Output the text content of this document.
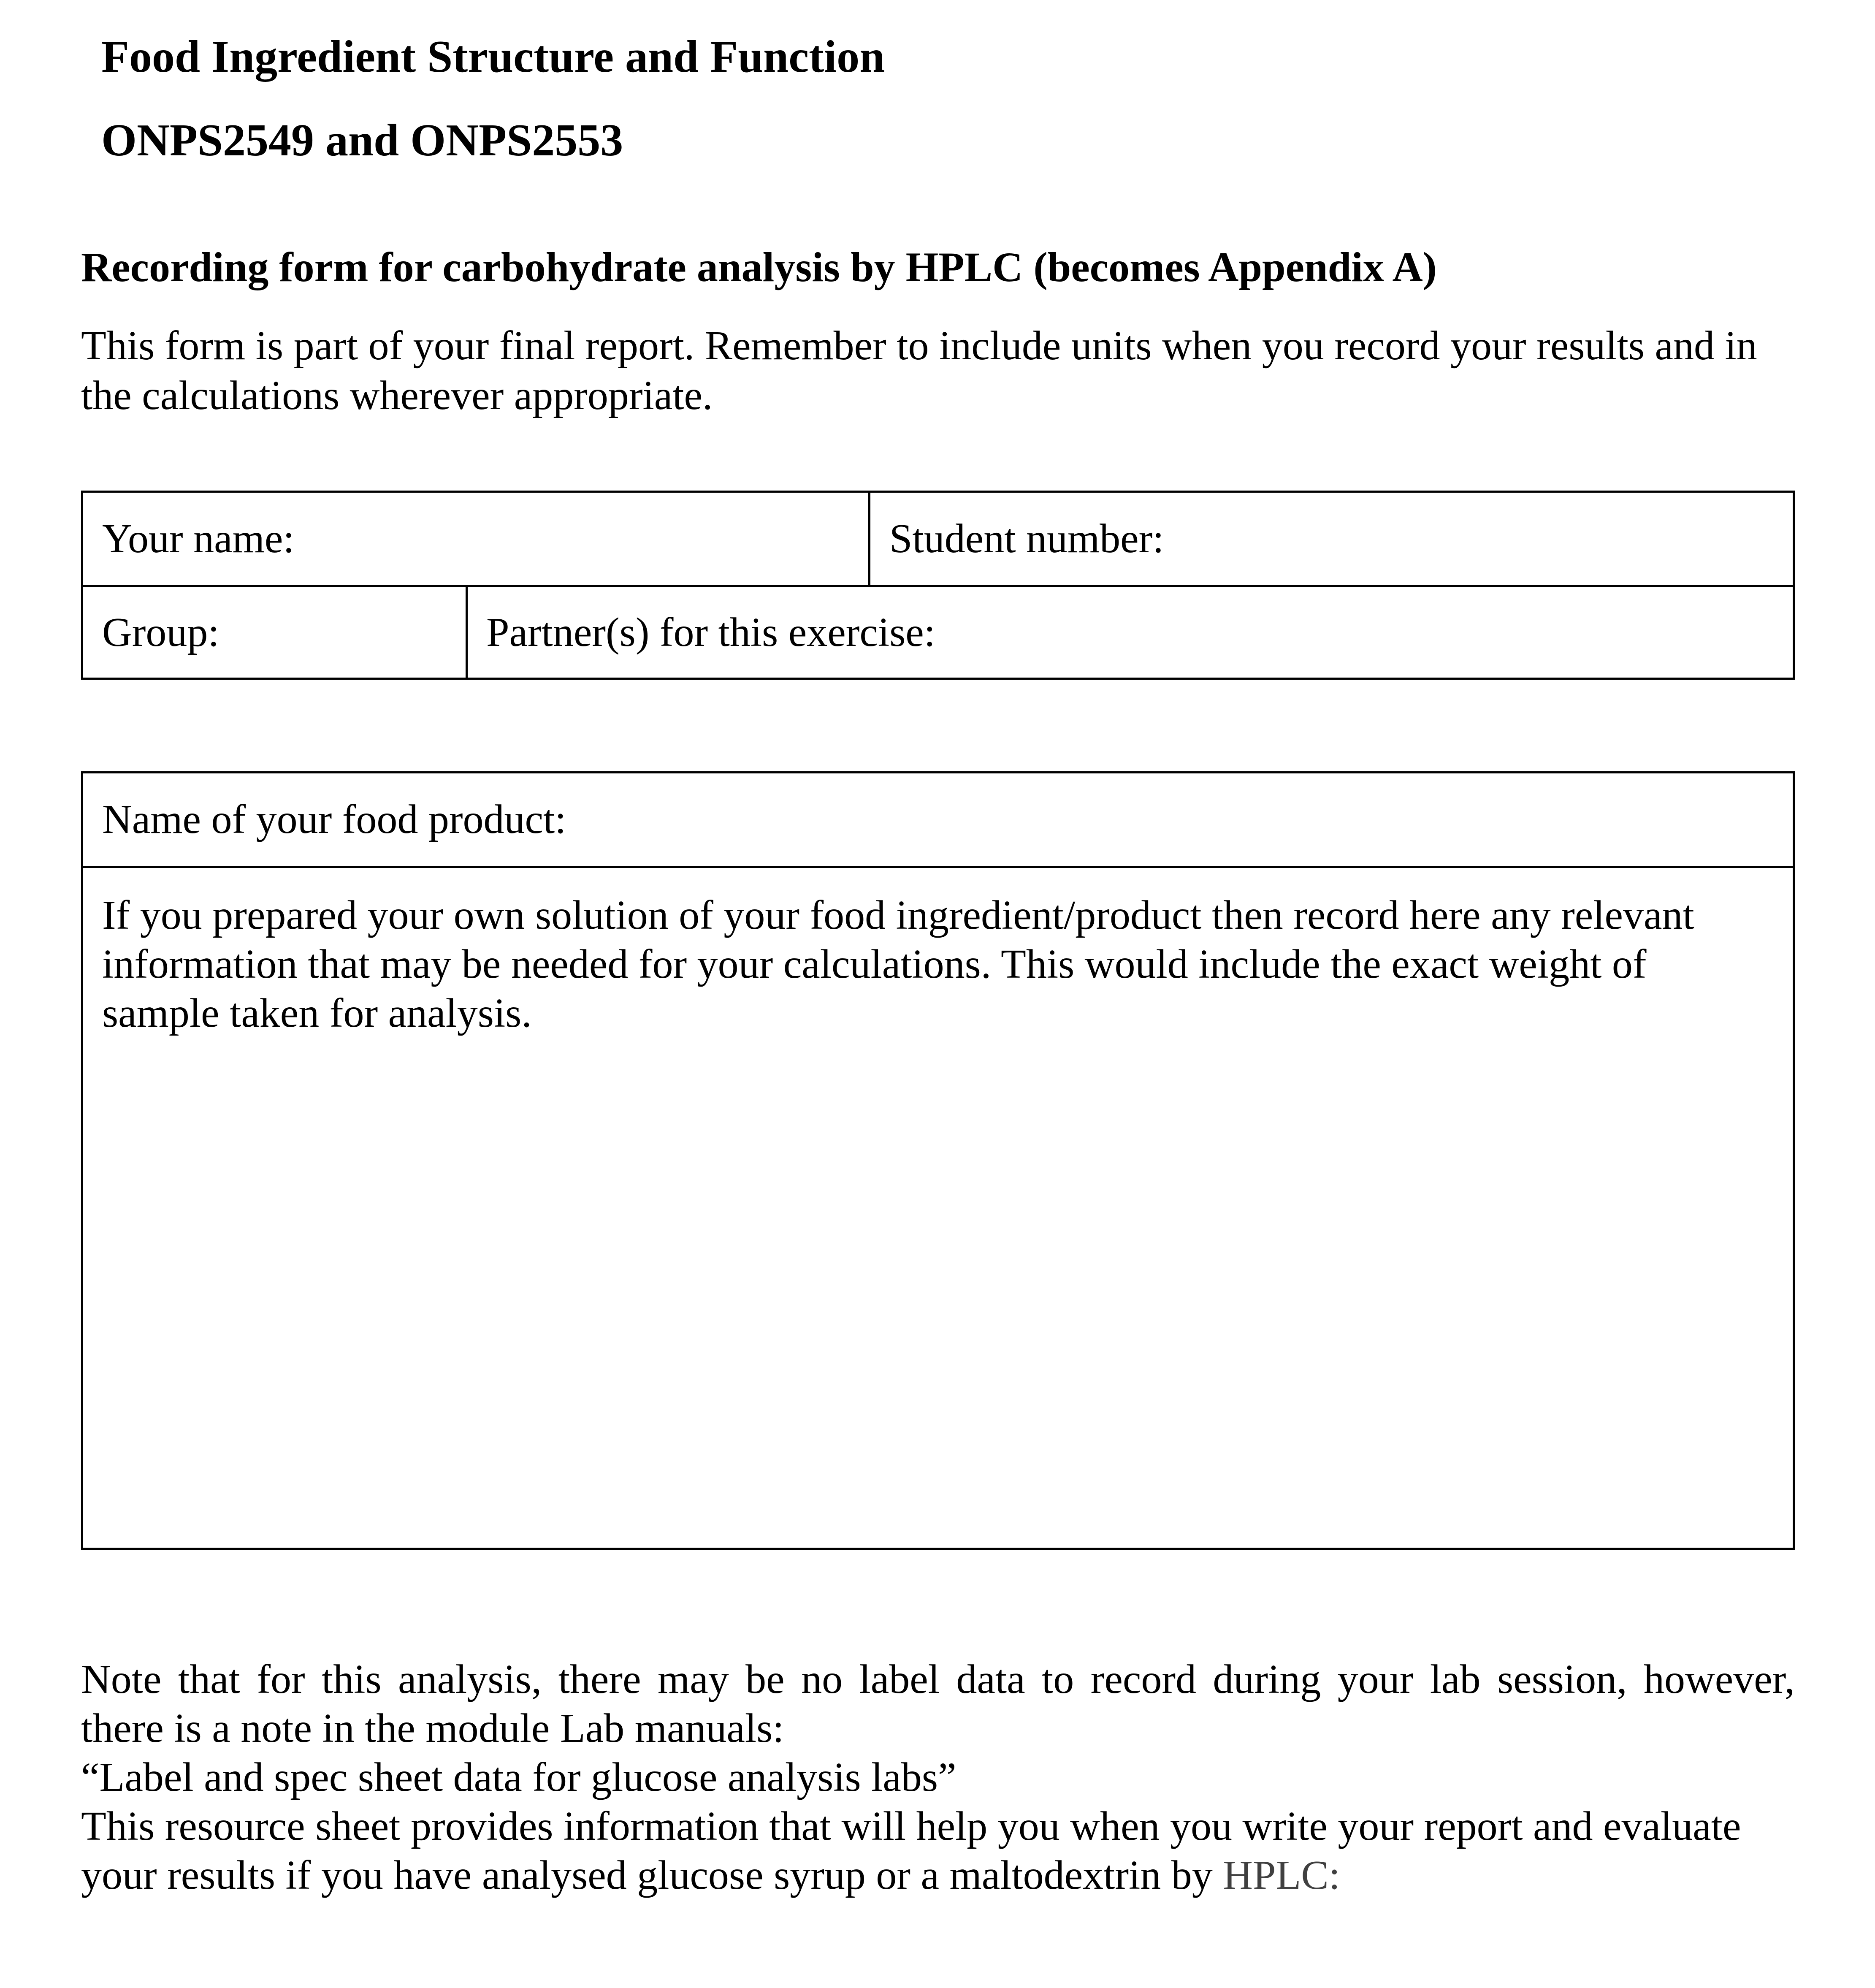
Food Ingredient Structure and Function
ONPS2549 and ONPS2553
Recording form for carbohydrate analysis by HPLC (becomes Appendix A)
This form is part of your final report. Remember to include units when you record your results and in the calculations wherever appropriate.
Your name:	Student number:
Group:	Partner(s) for this exercise:
Name of your food product:
If you prepared your own solution of your food ingredient/product then record here any relevant information that may be needed for your calculations. This would include the exact weight of sample taken for analysis.

Note that for this analysis, there may be no label data to record during your lab session, however,

there is a note in the module Lab manuals:

“Label and spec sheet data for glucose analysis labs”

This resource sheet provides information that will help you when you write your report and evaluate your results if you have analysed glucose syrup or a maltodextrin by HPLC:
